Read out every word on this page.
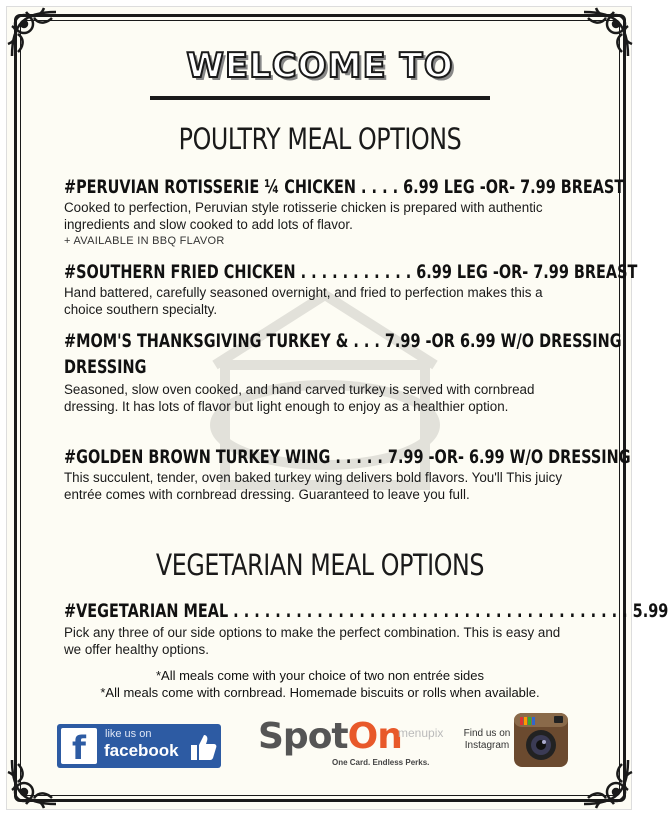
WELCOME TO
POULTRY MEAL OPTIONS
#PERUVIAN ROTISSERIE ¼ CHICKEN . . . . 6.99 LEG -OR- 7.99 BREAST
Cooked to perfection, Peruvian style rotisserie chicken is prepared with authentic ingredients and slow cooked to add lots of flavor.
+ AVAILABLE IN BBQ FLAVOR
#SOUTHERN FRIED CHICKEN . . . . . . . . . . . 6.99 LEG -OR- 7.99 BREAST
Hand battered, carefully seasoned overnight, and fried to perfection makes this a choice southern specialty.
#MOM'S THANKSGIVING TURKEY & . . . 7.99 -OR 6.99 W/O DRESSING
DRESSING
Seasoned, slow oven cooked, and hand carved turkey is served with cornbread dressing. It has lots of flavor but light enough to enjoy as a healthier option.
#GOLDEN BROWN TURKEY WING . . . . . 7.99 -OR- 6.99 W/O DRESSING
This succulent, tender, oven baked turkey wing delivers bold flavors. You'll This juicy entrée comes with cornbread dressing. Guaranteed to leave you full.
VEGETARIAN MEAL OPTIONS
#VEGETARIAN MEAL . . . . . . . . . . . . . . . . . . . . . . . . . . . . . . . . . . . . . . 5.99
Pick any three of our side options to make the perfect combination. This is easy and we offer healthy options.
*All meals come with your choice of two non entrée sides
*All meals come with cornbread. Homemade biscuits or rolls when available.
f	like us on
facebook SpotOn
One Card. Endless Perks.
menupix	Find us on Instagram
